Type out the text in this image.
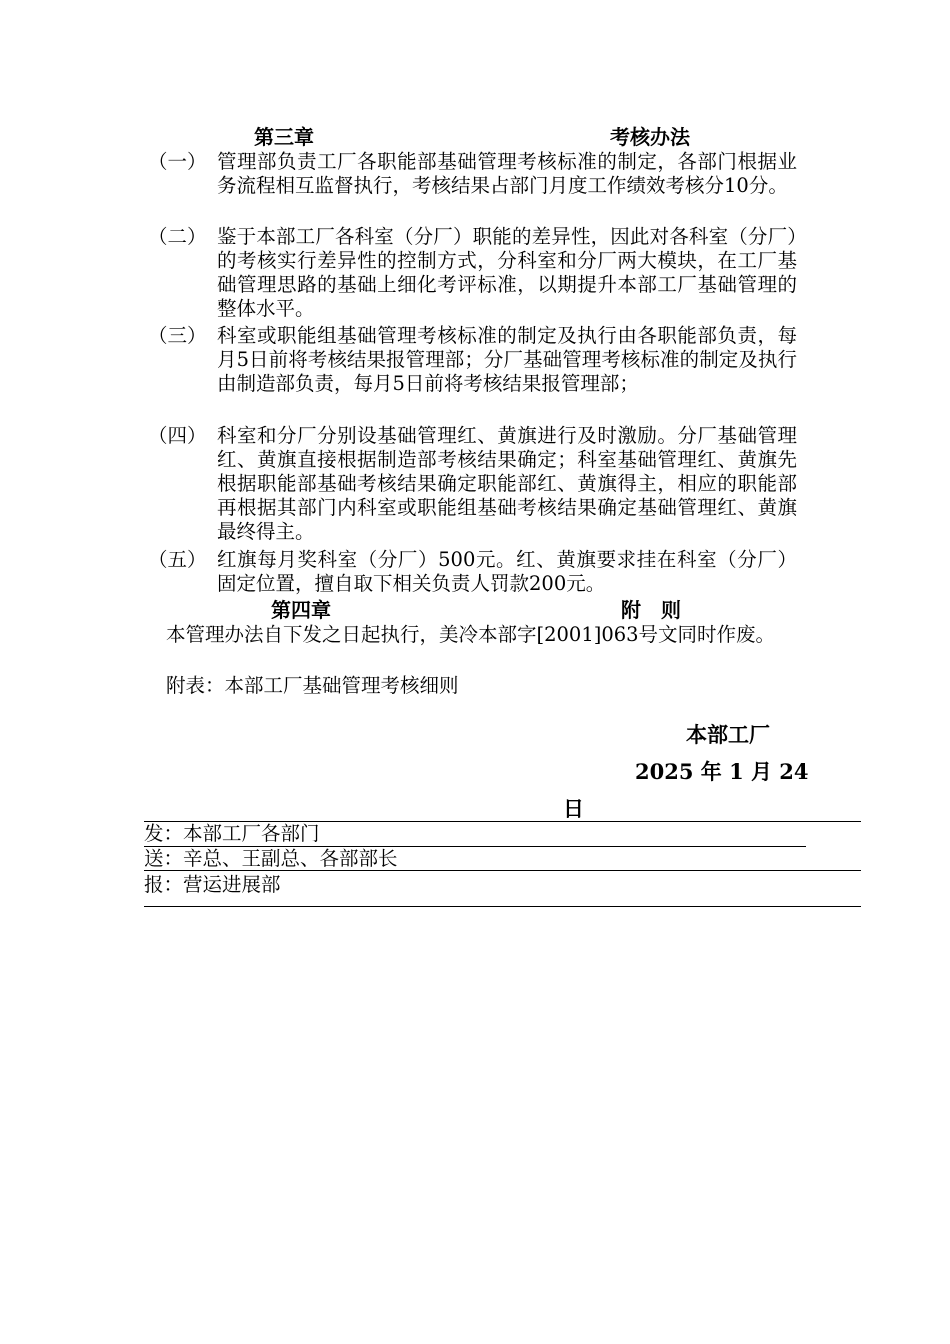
第三章	考核办法
（一） 管理部负责工厂各职能部基础管理考核标准的制定，各部门根据业务流程相互监督执行，考核结果占部门月度工作绩效考核分10分。
（二） 鉴于本部工厂各科室（分厂）职能的差异性，因此对各科室（分厂）的考核实行差异性的控制方式，分科室和分厂两大模块，在工厂基础管理思路的基础上细化考评标准，以期提升本部工厂基础管理的整体水平。
（三） 科室或职能组基础管理考核标准的制定及执行由各职能部负责，每月5日前将考核结果报管理部；分厂基础管理考核标准的制定及执行由制造部负责，每月5日前将考核结果报管理部；
（四） 科室和分厂分别设基础管理红、黄旗进行及时激励。分厂基础管理红、黄旗直接根据制造部考核结果确定；科室基础管理红、黄旗先根据职能部基础考核结果确定职能部红、黄旗得主，相应的职能部再根据其部门内科室或职能组基础考核结果确定基础管理红、黄旗最终得主。
（五） 红旗每月奖科室（分厂）500元。红、黄旗要求挂在科室（分厂）固定位置，擅自取下相关负责人罚款200元。
第四章	附　则
本管理办法自下发之日起执行，美冷本部字[2001]063号文同时作废。
附表：本部工厂基础管理考核细则
本部工厂
2025 年 1 月 24
日
发：本部工厂各部门
送：辛总、王副总、各部部长
报：营运进展部
